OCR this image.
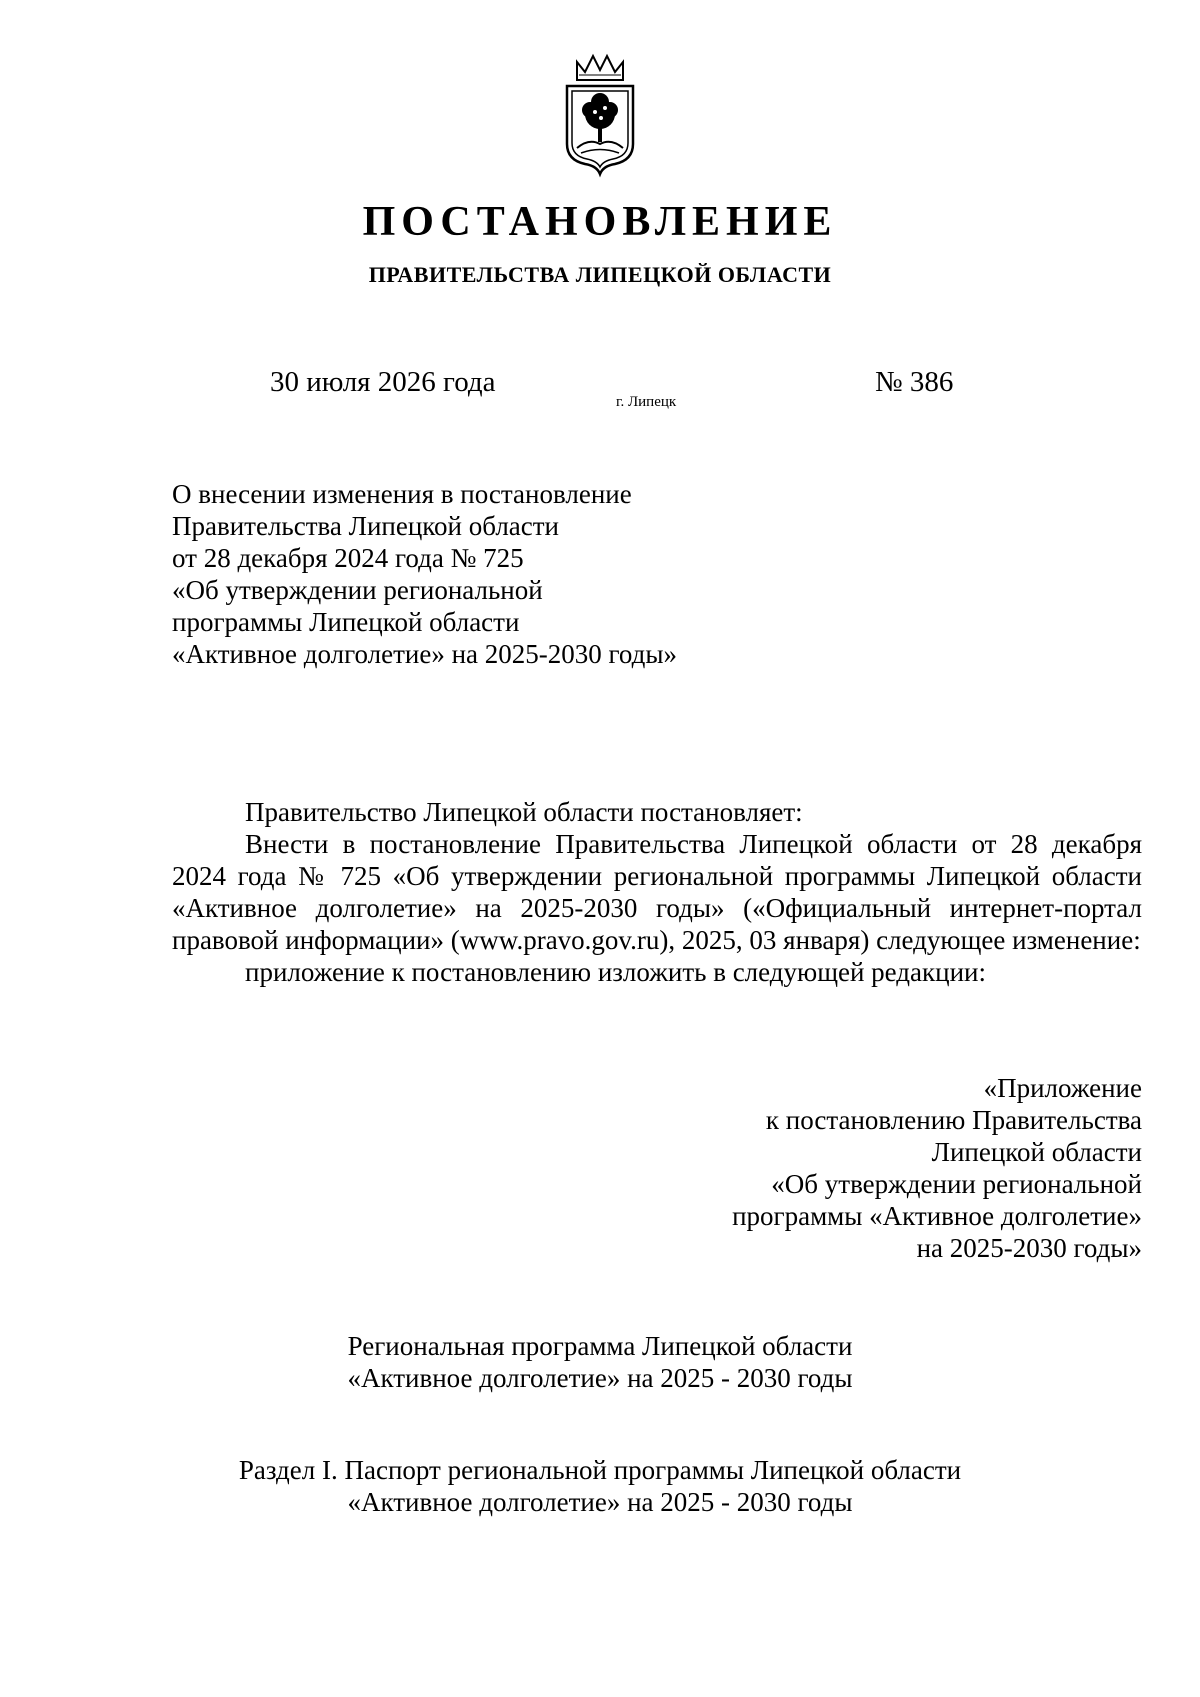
ПОСТАНОВЛЕНИЕ
ПРАВИТЕЛЬСТВА ЛИПЕЦКОЙ ОБЛАСТИ
30 июля 2026 года
г. Липецк
№ 386
О внесении изменения в постановление
Правительства Липецкой области
от 28 декабря 2024 года № 725
«Об утверждении региональной
программы Липецкой области
«Активное долголетие» на 2025-2030 годы»

Правительство Липецкой области постановляет:

Внести в постановление Правительства Липецкой области от 28 декабря 2024 года № 725 «Об утверждении региональной программы Липецкой области «Активное долголетие» на 2025-2030 годы» («Официальный интернет-портал правовой информации» (www.pravo.gov.ru), 2025, 03 января) следующее изменение:

приложение к постановлению изложить в следующей редакции:

«Приложение
к постановлению Правительства
Липецкой области
«Об утверждении региональной
программы «Активное долголетие»
на 2025-2030 годы»
Региональная программа Липецкой области
«Активное долголетие» на 2025 - 2030 годы
Раздел I. Паспорт региональной программы Липецкой области
«Активное долголетие» на 2025 - 2030 годы
